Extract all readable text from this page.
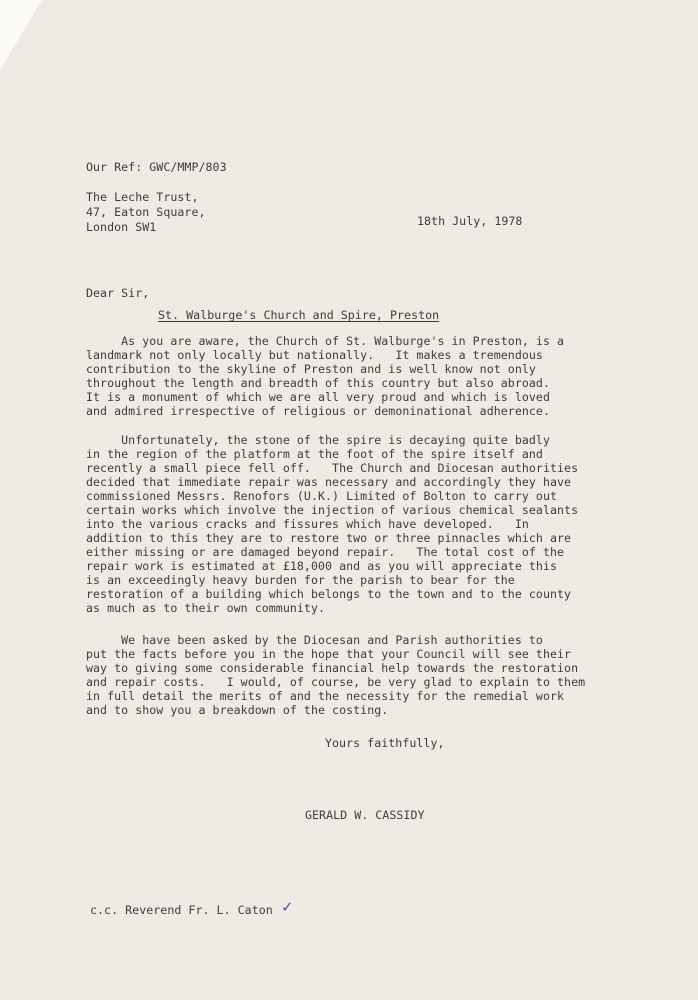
Our Ref: GWC/MMP/803
The Leche Trust,
47, Eaton Square,
London SW1	18th July, 1978
Dear Sir,
St. Walburge's Church and Spire, Preston
As you are aware, the Church of St. Walburge's in Preston, is a
landmark not only locally but nationally.   It makes a tremendous
contribution to the skyline of Preston and is well know not only
throughout the length and breadth of this country but also abroad.
It is a monument of which we are all very proud and which is loved
and admired irrespective of religious or demoninational adherence.
Unfortunately, the stone of the spire is decaying quite badly
in the region of the platform at the foot of the spire itself and
recently a small piece fell off.   The Church and Diocesan authorities
decided that immediate repair was necessary and accordingly they have
commissioned Messrs. Renofors (U.K.) Limited of Bolton to carry out
certain works which involve the injection of various chemical sealants
into the various cracks and fissures which have developed.   In
addition to this they are to restore two or three pinnacles which are
either missing or are damaged beyond repair.   The total cost of the
repair work is estimated at £18,000 and as you will appreciate this
is an exceedingly heavy burden for the parish to bear for the
restoration of a building which belongs to the town and to the county
as much as to their own community.
We have been asked by the Diocesan and Parish authorities to
put the facts before you in the hope that your Council will see their
way to giving some considerable financial help towards the restoration
and repair costs.   I would, of course, be very glad to explain to them
in full detail the merits of and the necessity for the remedial work
and to show you a breakdown of the costing.
Yours faithfully,
GERALD W. CASSIDY
c.c. Reverend Fr. L. Caton ✓
